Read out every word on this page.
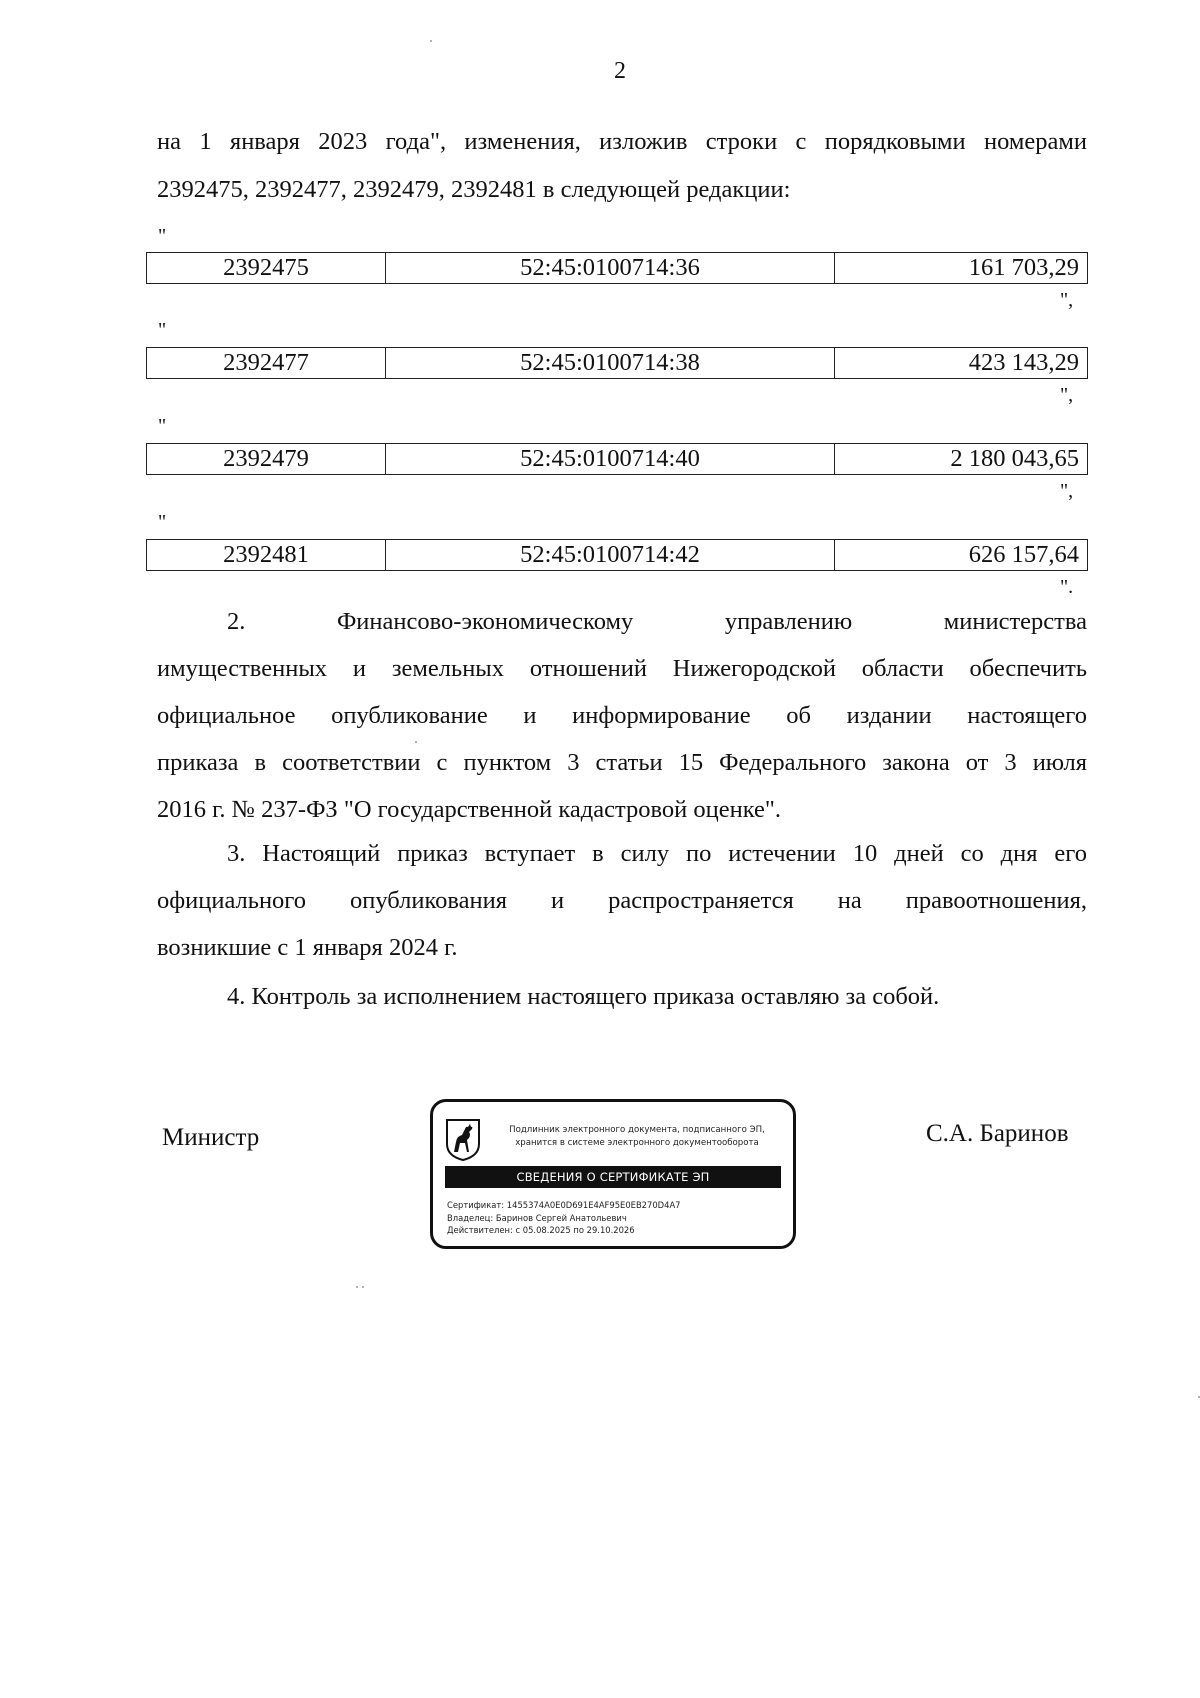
2
на 1 января 2023 года", изменения, изложив строки с порядковыми номерами
2392475, 2392477, 2392479, 2392481 в следующей редакции:
"
2392475	52:45:0100714:36	161 703,29
",
"
2392477	52:45:0100714:38	423 143,29
",
"
2392479	52:45:0100714:40	2 180 043,65
",
"
2392481	52:45:0100714:42	626 157,64
".
2. Финансово-экономическому управлению министерства
имущественных и земельных отношений Нижегородской области обеспечить
официальное опубликование и информирование об издании настоящего
приказа в соответствии с пунктом 3 статьи 15 Федерального закона от 3 июля
2016 г. № 237-ФЗ "О государственной кадастровой оценке".
3. Настоящий приказ вступает в силу по истечении 10 дней со дня его
официального опубликования и распространяется на правоотношения,
возникшие с 1 января 2024 г.
4. Контроль за исполнением настоящего приказа оставляю за собой.
Министр	С.А. Баринов
Подлинник электронного документа, подписанного ЭП,
хранится в системе электронного документооборота
СВЕДЕНИЯ О СЕРТИФИКАТЕ ЭП
Сертификат: 1455374A0E0D691E4AF95E0EB270D4A7
Владелец: Баринов Сергей Анатольевич
Действителен: с 05.08.2025 по 29.10.2026
